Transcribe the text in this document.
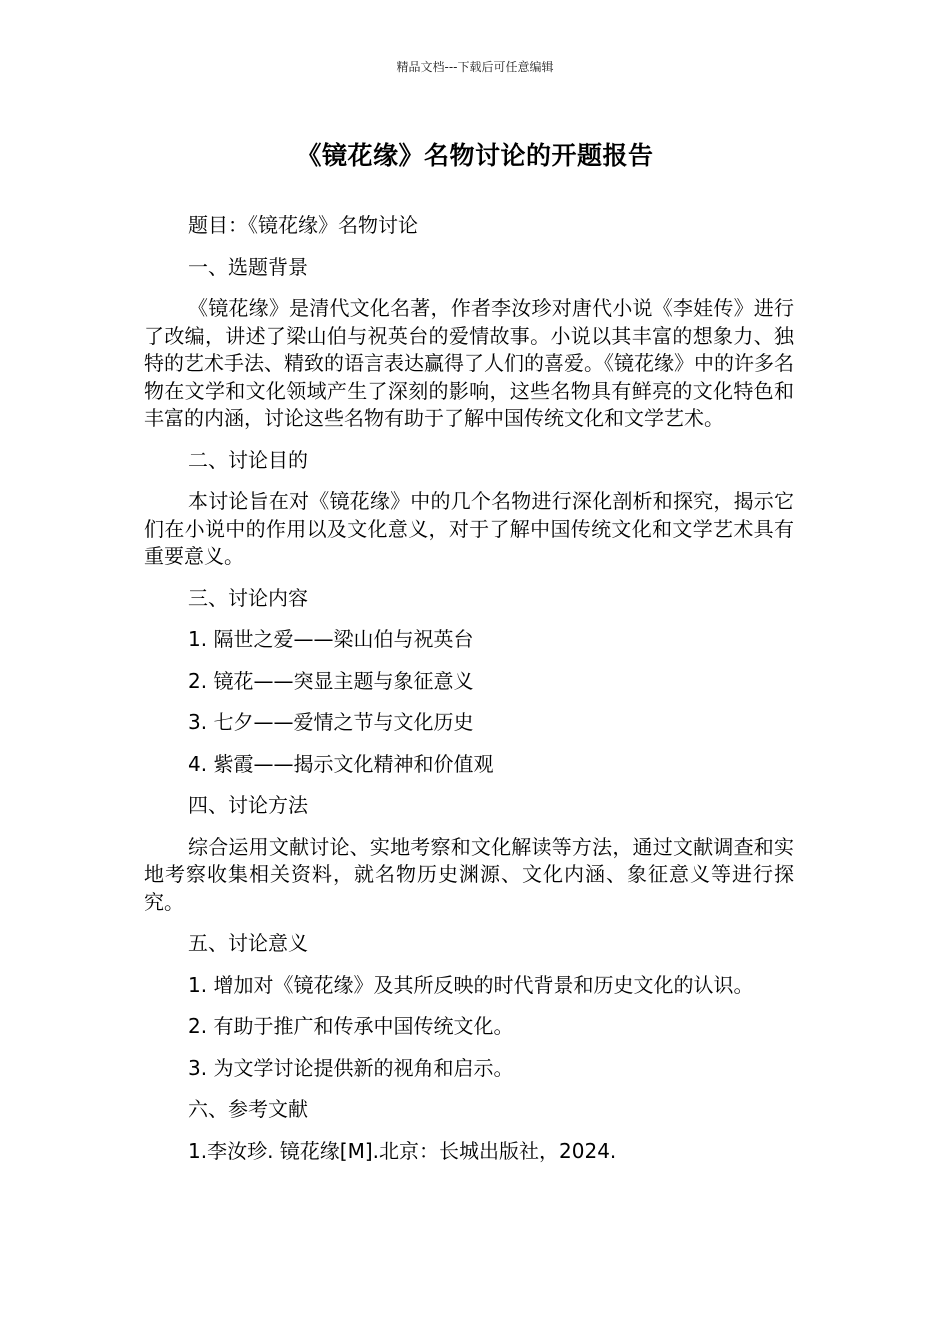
精品文档---下载后可任意编辑
《镜花缘》名物讨论的开题报告

题目：《镜花缘》名物讨论

一、选题背景

《镜花缘》是清代文化名著，作者李汝珍对唐代小说《李娃传》进行了改编，讲述了梁山伯与祝英台的爱情故事。小说以其丰富的想象力、独特的艺术手法、精致的语言表达赢得了人们的喜爱。《镜花缘》中的许多名物在文学和文化领域产生了深刻的影响，这些名物具有鲜亮的文化特色和丰富的内涵，讨论这些名物有助于了解中国传统文化和文学艺术。

二、讨论目的

本讨论旨在对《镜花缘》中的几个名物进行深化剖析和探究，揭示它们在小说中的作用以及文化意义，对于了解中国传统文化和文学艺术具有重要意义。

三、讨论内容

1. 隔世之爱——梁山伯与祝英台

2. 镜花——突显主题与象征意义

3. 七夕——爱情之节与文化历史

4. 紫霞——揭示文化精神和价值观

四、讨论方法

综合运用文献讨论、实地考察和文化解读等方法，通过文献调查和实地考察收集相关资料，就名物历史渊源、文化内涵、象征意义等进行探究。

五、讨论意义

1. 增加对《镜花缘》及其所反映的时代背景和历史文化的认识。

2. 有助于推广和传承中国传统文化。

3. 为文学讨论提供新的视角和启示。

六、参考文献

1.李汝珍. 镜花缘[M].北京：长城出版社，2024.
